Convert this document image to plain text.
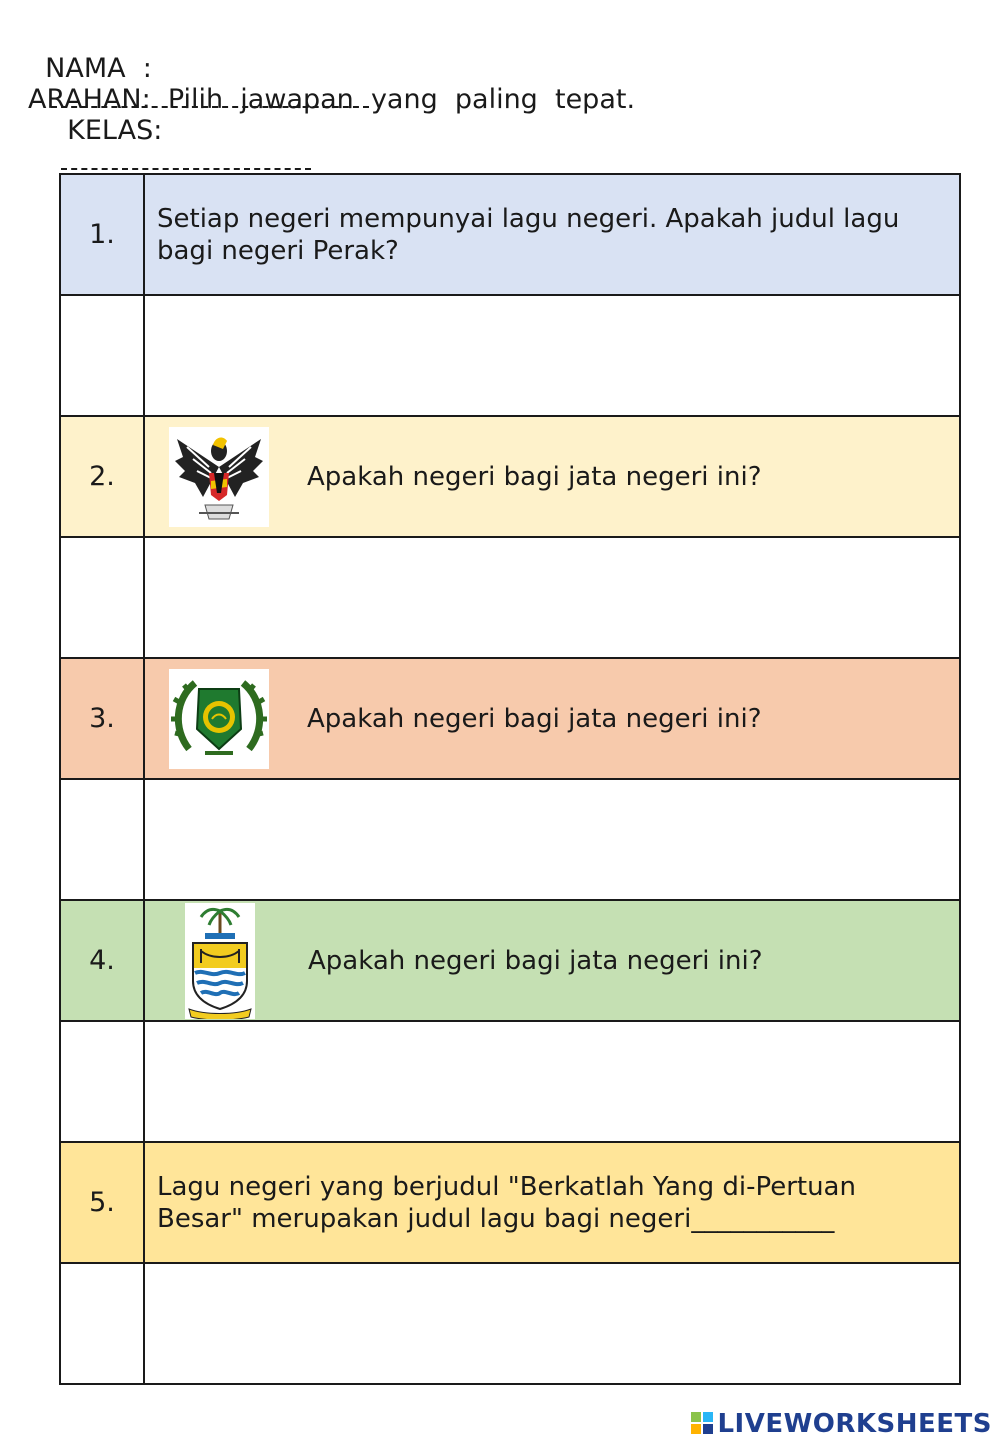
NAMA  :

KELAS:

ARAHAN:  Pilih  jawapan  yang  paling  tepat.
1.	Setiap negeri mempunyai lagu negeri. Apakah judul lagu bagi negeri Perak?

2.	Apakah negeri bagi jata negeri ini?

3.	Apakah negeri bagi jata negeri ini?

4.	Apakah negeri bagi jata negeri ini?

5.	Lagu negeri yang berjudul "Berkatlah Yang di-Pertuan Besar" merupakan judul lagu bagi negeri___________

LIVEWORKSHEETS
